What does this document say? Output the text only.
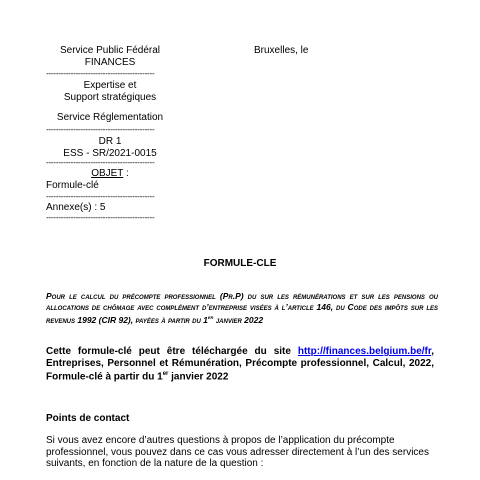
Service Public Fédéral
FINANCES
Bruxelles, le
--------------------------------------------
Expertise et
Support stratégiques
Service Réglementation
--------------------------------------------
DR 1
ESS - SR/2021-0015
--------------------------------------------
OBJET :
Formule-clé
--------------------------------------------
Annexe(s) : 5
--------------------------------------------
FORMULE-CLE
Pour le calcul du précompte professionnel (Pr.P) du sur les rémunérations et sur les pensions ou allocations de chômage avec complément d’entreprise visées à l’article 146, du Code des impôts sur les revenus 1992 (CIR 92), payées à partir du 1er janvier 2022
Cette formule-clé peut être téléchargée du site http://finances.belgium.be/fr, Entreprises, Personnel et Rémunération, Précompte professionnel, Calcul, 2022, Formule-clé à partir du 1er janvier 2022
Points de contact
Si vous avez encore d’autres questions à propos de l’application du précompte professionnel, vous pouvez dans ce cas vous adresser directement à l’un des services suivants, en fonction de la nature de la question :
